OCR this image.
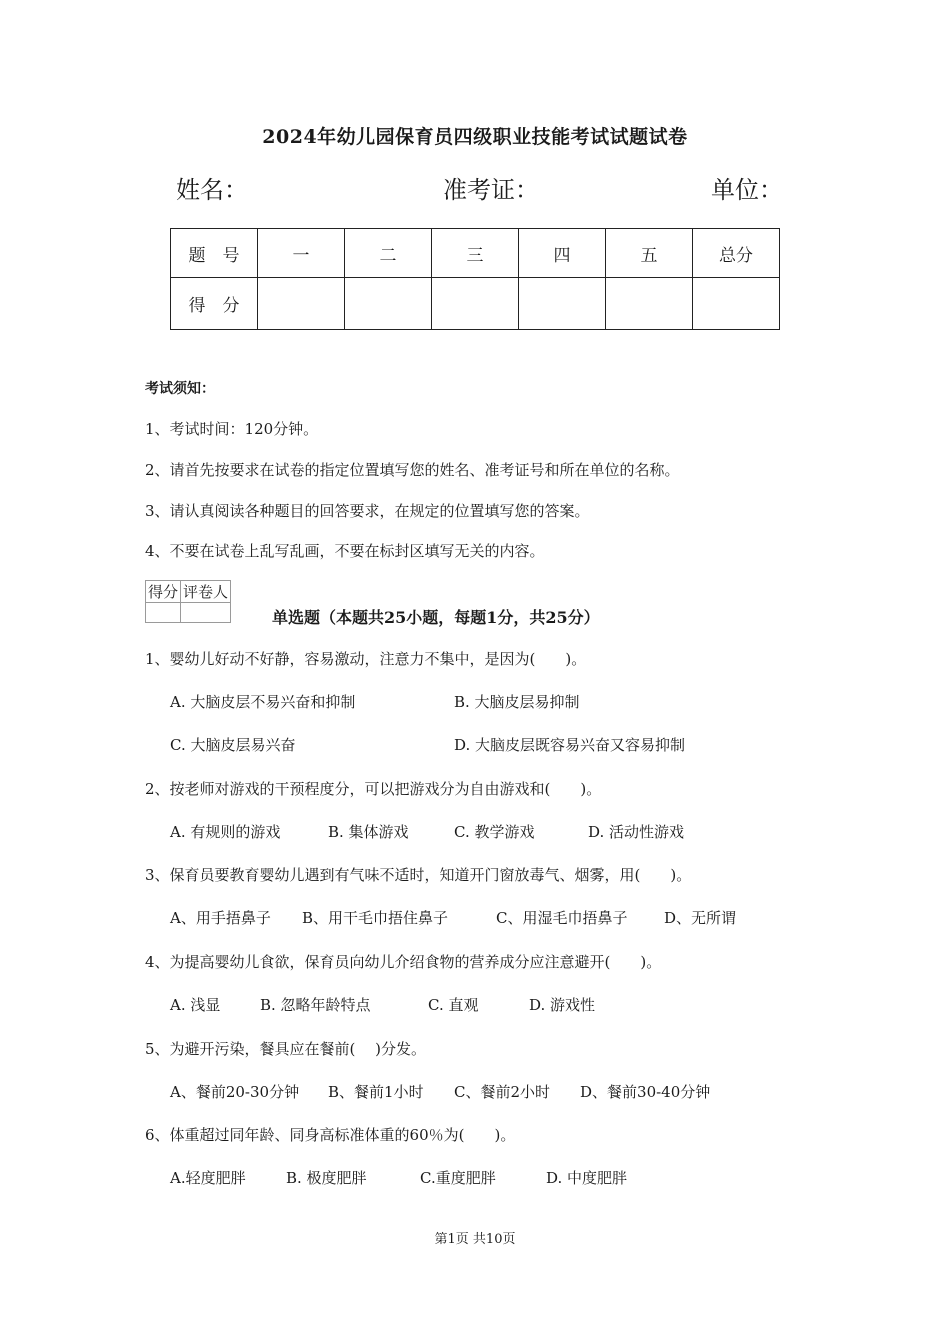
2024年幼儿园保育员四级职业技能考试试题试卷
姓名：	准考证：	单位：
题　号	一	二	三	四	五	总分
得　分						
考试须知：
1、考试时间：120分钟。
2、请首先按要求在试卷的指定位置填写您的姓名、准考证号和所在单位的名称。
3、请认真阅读各种题目的回答要求，在规定的位置填写您的答案。
4、不要在试卷上乱写乱画，不要在标封区填写无关的内容。
得分	评卷人

单选题（本题共25小题，每题1分，共25分）
1、婴幼儿好动不好静，容易激动，注意力不集中，是因为(　　)。
A. 大脑皮层不易兴奋和抑制	B. 大脑皮层易抑制
C. 大脑皮层易兴奋	D. 大脑皮层既容易兴奋又容易抑制
2、按老师对游戏的干预程度分，可以把游戏分为自由游戏和(　　)。
A. 有规则的游戏	B. 集体游戏	C. 教学游戏	D. 活动性游戏
3、保育员要教育婴幼儿遇到有气味不适时，知道开门窗放毒气、烟雾，用(　　)。
A、用手捂鼻子 B、用干毛巾捂住鼻子	C、用湿毛巾捂鼻子 D、无所谓
4、为提高婴幼儿食欲，保育员向幼儿介绍食物的营养成分应注意避开(　　)。
A. 浅显	B. 忽略年龄特点	C. 直观	D. 游戏性
5、为避开污染，餐具应在餐前(　 )分发。
A、餐前20-30分钟 B、餐前1小时 C、餐前2小时 D、餐前30-40分钟
6、体重超过同年龄、同身高标准体重的60％为(　　)。
A.轻度肥胖	B. 极度肥胖	C.重度肥胖	D. 中度肥胖
第1页 共10页
